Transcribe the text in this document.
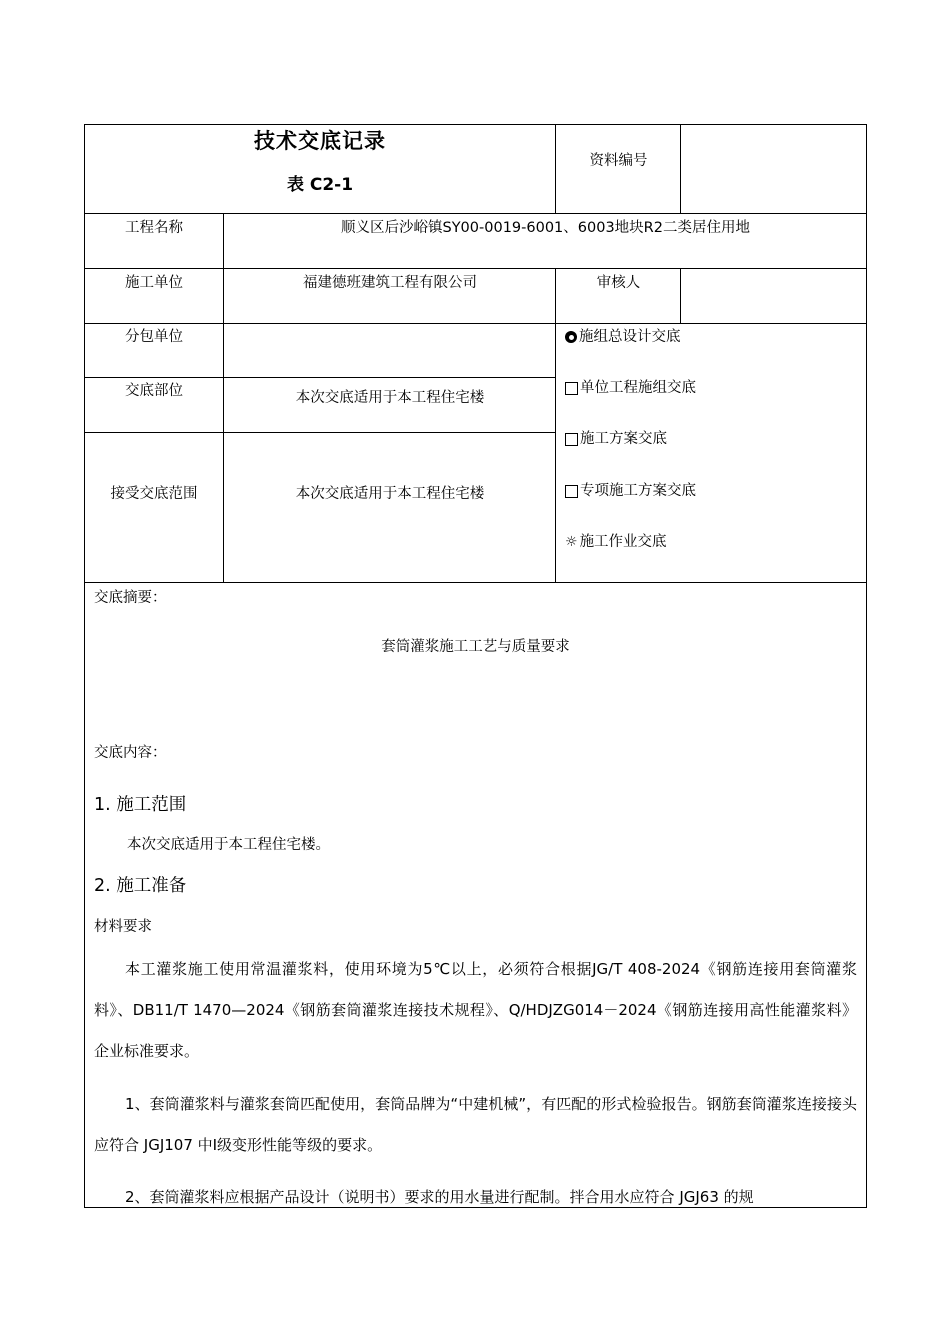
技术交底记录
表 C2-1
资料编号
工程名称	顺义区后沙峪镇SY00-0019-6001、6003地块R2二类居住用地
施工单位	福建德班建筑工程有限公司	审核人
分包单位
交底部位	本次交底适用于本工程住宅楼
接受交底范围	本次交底适用于本工程住宅楼
施组总设计交底
单位工程施组交底
施工方案交底
专项施工方案交底
☼ 施工作业交底
交底摘要：
套筒灌浆施工工艺与质量要求
交底内容：
1. 施工范围
本次交底适用于本工程住宅楼。
2. 施工准备
材料要求
本工灌浆施工使用常温灌浆料，使用环境为5℃以上，必须符合根据JG/T 408-2024《钢筋连接用套筒灌浆料》、DB11/T 1470—2024《钢筋套筒灌浆连接技术规程》、Q/HDJZG014－2024《钢筋连接用高性能灌浆料》企业标准要求。
1、套筒灌浆料与灌浆套筒匹配使用，套筒品牌为“中建机械”，有匹配的形式检验报告。钢筋套筒灌浆连接接头应符合 JGJ107 中Ⅰ级变形性能等级的要求。
2、套筒灌浆料应根据产品设计（说明书）要求的用水量进行配制。拌合用水应符合 JGJ63 的规
